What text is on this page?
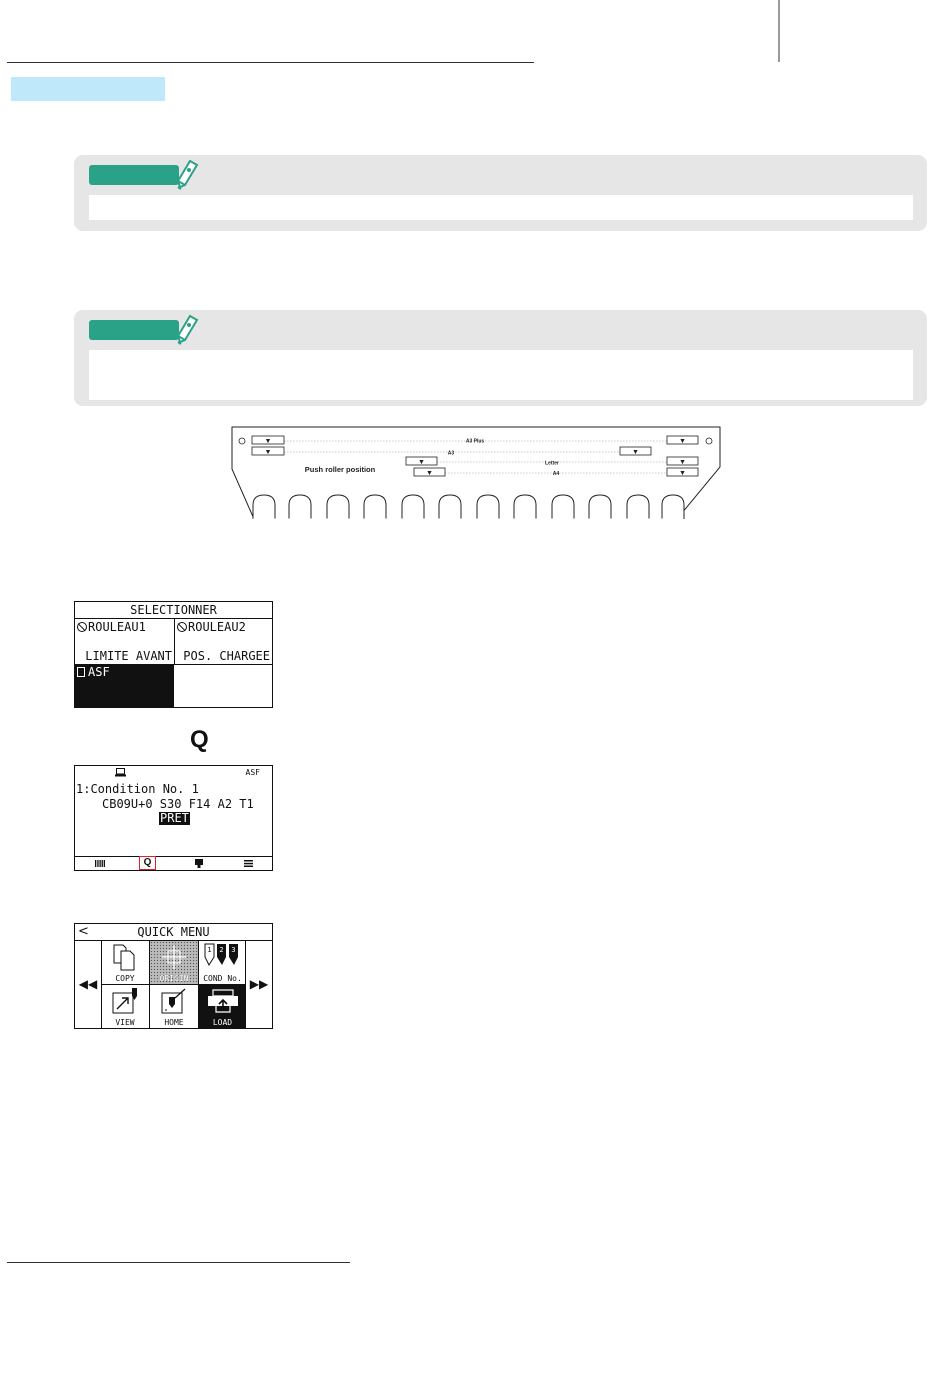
▼
▼
▼
▼
▼	▼
▼	▼
A3 Plus
A3
Letter
A4
Push roller position
SELECTIONNER
ROULEAU1
LIMITE AVANT
ROULEAU2
POS. CHARGEE
ASF
Q
ASF
1:Condition No. 1
CB09U+0 S30 F14 A2 T1
PRET
Q
QUICK MENU
<
◀◀	▶▶
COPY	ORIGIN
1 2 3
COND No.
VIEW	HOME	LOAD
